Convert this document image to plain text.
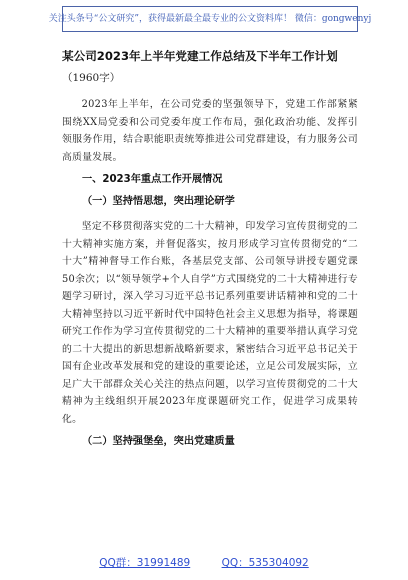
关注头条号“公文研究”，获得最新最全最专业的公文资料库！ 微信：gongwenyj
某公司2023年上半年党建工作总结及下半年工作计划
（1960字）

2023年上半年，在公司党委的坚强领导下，党建工作部紧紧围绕XX局党委和公司党委年度工作布局，强化政治功能、发挥引领服务作用，结合职能职责统筹推进公司党群建设，有力服务公司高质量发展。

一、2023年重点工作开展情况
（一）坚持悟思想，突出理论研学

坚定不移贯彻落实党的二十大精神，印发学习宣传贯彻党的二十大精神实施方案，并督促落实，按月形成学习宣传贯彻党的“二十大”精神督导工作台账，各基层党支部、公司领导讲授专题党课50余次；以“领导领学+个人自学”方式围绕党的二十大精神进行专题学习研讨，深入学习习近平总书记系列重要讲话精神和党的二十大精神坚持以习近平新时代中国特色社会主义思想为指导，将课题研究工作作为学习宣传贯彻党的二十大精神的重要举措认真学习党的二十大提出的新思想新战略新要求，紧密结合习近平总书记关于国有企业改革发展和党的建设的重要论述，立足公司发展实际，立足广大干部群众关心关注的热点问题，以学习宣传贯彻党的二十大精神为主线组织开展2023年度课题研究工作，促进学习成果转化。

（二）坚持强堡垒，突出党建质量
QQ群：31991489	QQ：535304092
